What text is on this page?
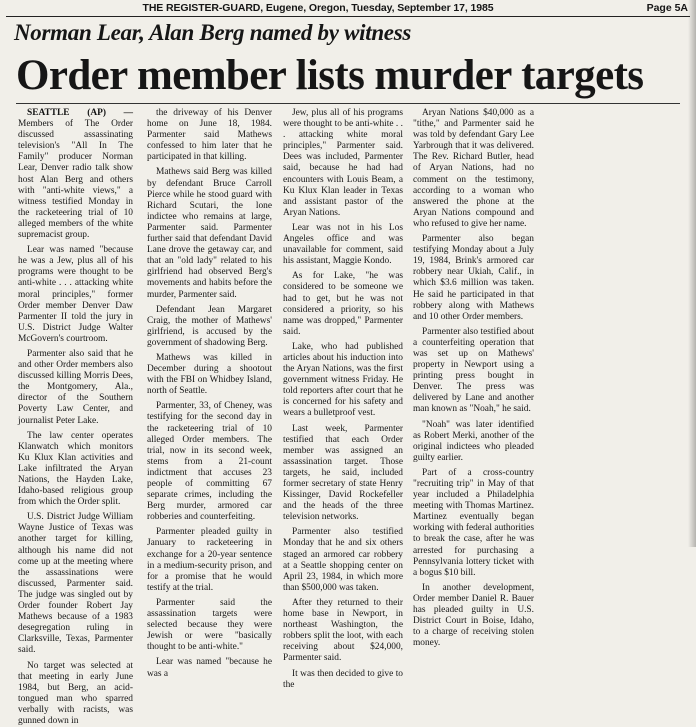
THE REGISTER-GUARD, Eugene, Oregon, Tuesday, September 17, 1985	Page 5A
Norman Lear, Alan Berg named by witness
Order member lists murder targets

SEATTLE (AP) — Members of The Order discussed assassinating television's "All In The Family" producer Norman Lear, Denver radio talk show host Alan Berg and others with "anti-white views," a witness testified Monday in the racketeering trial of 10 alleged members of the white supremacist group.

Lear was named "because he was a Jew, plus all of his programs were thought to be anti-white . . . attacking white moral principles," former Order member Denver Daw Parmenter II told the jury in U.S. District Judge Walter McGovern's courtroom.

Parmenter also said that he and other Order members also discussed killing Morris Dees, the Montgomery, Ala., director of the Southern Poverty Law Center, and journalist Peter Lake.

The law center operates Klanwatch which monitors Ku Klux Klan activities and Lake infiltrated the Aryan Nations, the Hayden Lake, Idaho-based religious group from which the Order split.

U.S. District Judge William Wayne Justice of Texas was another target for killing, although his name did not come up at the meeting where the assassinations were discussed, Parmenter said. The judge was singled out by Order founder Robert Jay Mathews because of a 1983 desegregation ruling in Clarksville, Texas, Parmenter said.

No target was selected at that meeting in early June 1984, but Berg, an acid-tongued man who sparred verbally with racists, was gunned down in

the driveway of his Denver home on June 18, 1984. Parmenter said Mathews confessed to him later that he participated in that killing.

Mathews said Berg was killed by defendant Bruce Carroll Pierce while he stood guard with Richard Scutari, the lone indictee who remains at large, Parmenter said. Parmenter further said that defendant David Lane drove the getaway car, and that an "old lady" related to his girlfriend had observed Berg's movements and habits before the murder, Parmenter said.

Defendant Jean Margaret Craig, the mother of Mathews' girlfriend, is accused by the government of shadowing Berg.

Mathews was killed in December during a shootout with the FBI on Whidbey Island, north of Seattle.

Parmenter, 33, of Cheney, was testifying for the second day in the racketeering trial of 10 alleged Order members. The trial, now in its second week, stems from a 21-count indictment that accuses 23 people of committing 67 separate crimes, including the Berg murder, armored car robberies and counterfeiting.

Parmenter pleaded guilty in January to racketeering in exchange for a 20-year sentence in a medium-security prison, and for a promise that he would testify at the trial.

Parmenter said the assassination targets were selected because they were Jewish or were "basically thought to be anti-white."

Lear was named "because he was a

Jew, plus all of his programs were thought to be anti-white . . . attacking white moral principles," Parmenter said. Dees was included, Parmenter said, because he had had encounters with Louis Beam, a Ku Klux Klan leader in Texas and assistant pastor of the Aryan Nations.

Lear was not in his Los Angeles office and was unavailable for comment, said his assistant, Maggie Kondo.

As for Lake, "he was considered to be someone we had to get, but he was not considered a priority, so his name was dropped," Parmenter said.

Lake, who had published articles about his induction into the Aryan Nations, was the first government witness Friday. He told reporters after court that he is concerned for his safety and wears a bulletproof vest.

Last week, Parmenter testified that each Order member was assigned an assassination target. Those targets, he said, included former secretary of state Henry Kissinger, David Rockefeller and the heads of the three television networks.

Parmenter also testified Monday that he and six others staged an armored car robbery at a Seattle shopping center on April 23, 1984, in which more than $500,000 was taken.

After they returned to their home base in Newport, in northeast Washington, the robbers split the loot, with each receiving about $24,000, Parmenter said.

It was then decided to give to the

Aryan Nations $40,000 as a "tithe," and Parmenter said he was told by defendant Gary Lee Yarbrough that it was delivered. The Rev. Richard Butler, head of Aryan Nations, had no comment on the testimony, according to a woman who answered the phone at the Aryan Nations compound and who refused to give her name.

Parmenter also began testifying Monday about a July 19, 1984, Brink's armored car robbery near Ukiah, Calif., in which $3.6 million was taken. He said he participated in that robbery along with Mathews and 10 other Order members.

Parmenter also testified about a counterfeiting operation that was set up on Mathews' property in Newport using a printing press bought in Denver. The press was delivered by Lane and another man known as "Noah," he said.

"Noah" was later identified as Robert Merki, another of the original indictees who pleaded guilty earlier.

Part of a cross-country "recruiting trip" in May of that year included a Philadelphia meeting with Thomas Martinez. Martinez eventually began working with federal authorities to break the case, after he was arrested for purchasing a Pennsylvania lottery ticket with a bogus $10 bill.

In another development, Order member Daniel R. Bauer has pleaded guilty in U.S. District Court in Boise, Idaho, to a charge of receiving stolen money.
